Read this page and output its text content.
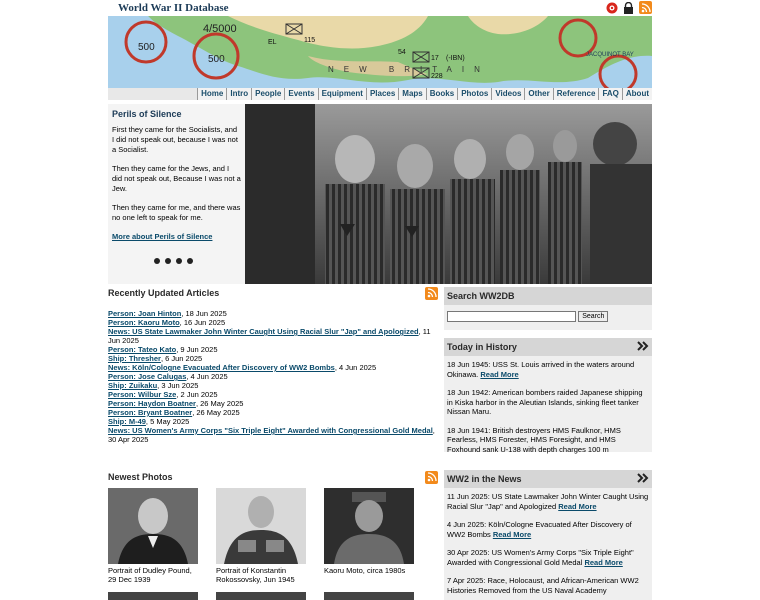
World War II Database
4/5000
500
500
EL	115
54
17 (-IBN)
228
NEW BRITAIN
JACQUINOT BAY
Home Intro People Events Equipment Places Maps Books Photos Videos Other Reference FAQ About
Perils of Silence
First they came for the Socialists, and I did not speak out, because I was not a Socialist.
Then they came for the Jews, and I did not speak out, Because I was not a Jew.
Then they came for me, and there was no one left to speak for me.
More about Perils of Silence
Recently Updated Articles
Person: Joan Hinton, 18 Jun 2025
Person: Kaoru Moto, 16 Jun 2025
News: US State Lawmaker John Winter Caught Using Racial Slur "Jap" and Apologized, 11 Jun 2025
Person: Tateo Kato, 9 Jun 2025
Ship: Thresher, 6 Jun 2025
News: Köln/Cologne Evacuated After Discovery of WW2 Bombs, 4 Jun 2025
Person: Jose Calugas, 4 Jun 2025
Ship: Zuikaku, 3 Jun 2025
Person: Wilbur Sze, 2 Jun 2025
Person: Haydon Boatner, 26 May 2025
Person: Bryant Boatner, 26 May 2025
Ship: M-49, 5 May 2025
News: US Women's Army Corps "Six Triple Eight" Awarded with Congressional Gold Medal, 30 Apr 2025
Newest Photos
Portrait of Dudley Pound, 29 Dec 1939
Portrait of Konstantin Rokossovsky, Jun 1945
Kaoru Moto, circa 1980s
Search WW2DB
Search
Today in History
18 Jun 1945: USS St. Louis arrived in the waters around Okinawa. Read More
18 Jun 1942: American bombers raided Japanese shipping in Kiska harbor in the Aleutian Islands, sinking fleet tanker Nissan Maru.
18 Jun 1941: British destroyers HMS Faulknor, HMS Fearless, HMS Forester, HMS Foresight, and HMS Foxhound sank U-138 with depth charges 100 m
WW2 in the News
11 Jun 2025: US State Lawmaker John Winter Caught Using Racial Slur "Jap" and Apologized Read More
4 Jun 2025: Köln/Cologne Evacuated After Discovery of WW2 Bombs Read More
30 Apr 2025: US Women's Army Corps "Six Triple Eight" Awarded with Congressional Gold Medal Read More
7 Apr 2025: Race, Holocaust, and African-American WW2 Histories Removed from the US Naval Academy
